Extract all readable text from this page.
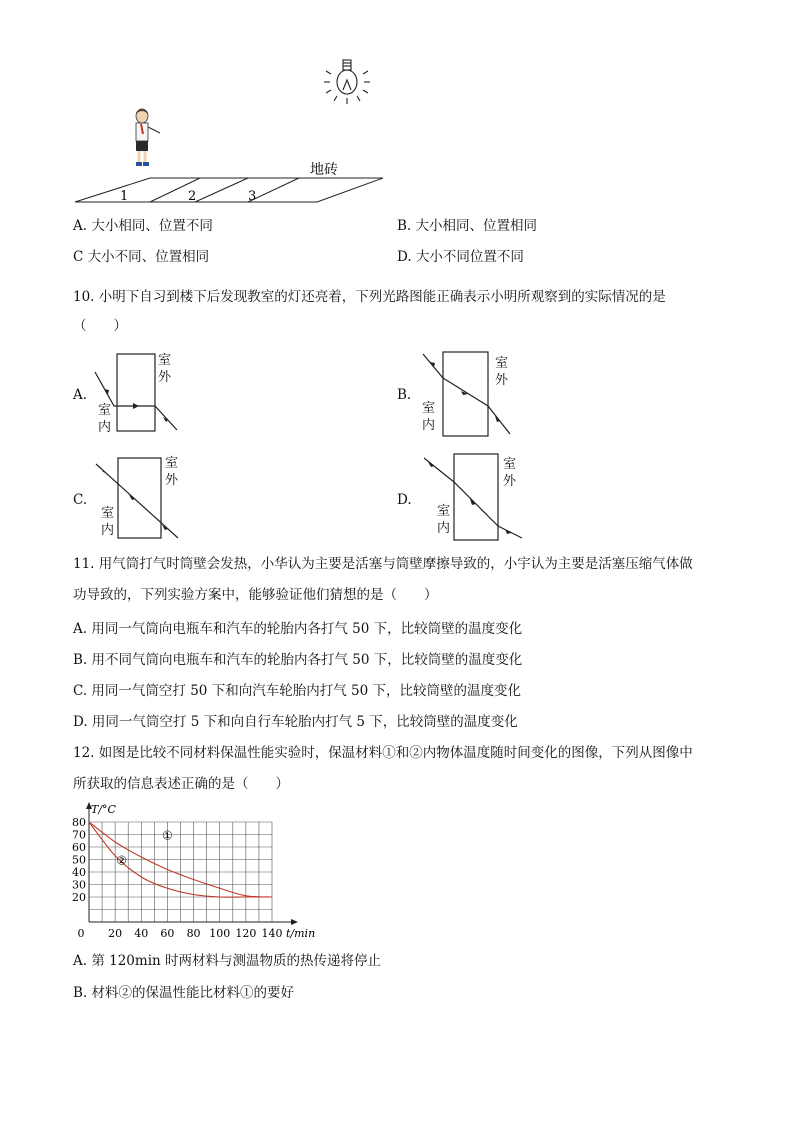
地砖
1	2	3
A. 大小相同、位置不同	B. 大小相同、位置相同
C 大小不同、位置相同	D. 大小不同位置不同
10. 小明下自习到楼下后发现教室的灯还亮着，下列光路图能正确表示小明所观察到的实际情况的是
（　　）
A.
室外
室内
B.
室外
室内
C.
室外
室内
D.
室外
室内
11. 用气筒打气时筒壁会发热，小华认为主要是活塞与筒壁摩擦导致的，小宇认为主要是活塞压缩气体做
功导致的，下列实验方案中，能够验证他们猜想的是（　　）
A. 用同一气筒向电瓶车和汽车的轮胎内各打气 50 下，比较筒壁的温度变化
B. 用不同气筒向电瓶车和汽车的轮胎内各打气 50 下，比较筒壁的温度变化
C. 用同一气筒空打 50 下和向汽车轮胎内打气 50 下，比较筒壁的温度变化
D. 用同一气筒空打 5 下和向自行车轮胎内打气 5 下，比较筒壁的温度变化
12. 如图是比较不同材料保温性能实验时，保温材料①和②内物体温度随时间变化的图像，下列从图像中
所获取的信息表述正确的是（　　）
0 20 40 60 80 100 120 140
20
30
40
50
60
70
80
①
②
T/°C
t/min
A. 第 120min 时两材料与测温物质的热传递将停止
B. 材料②的保温性能比材料①的要好
